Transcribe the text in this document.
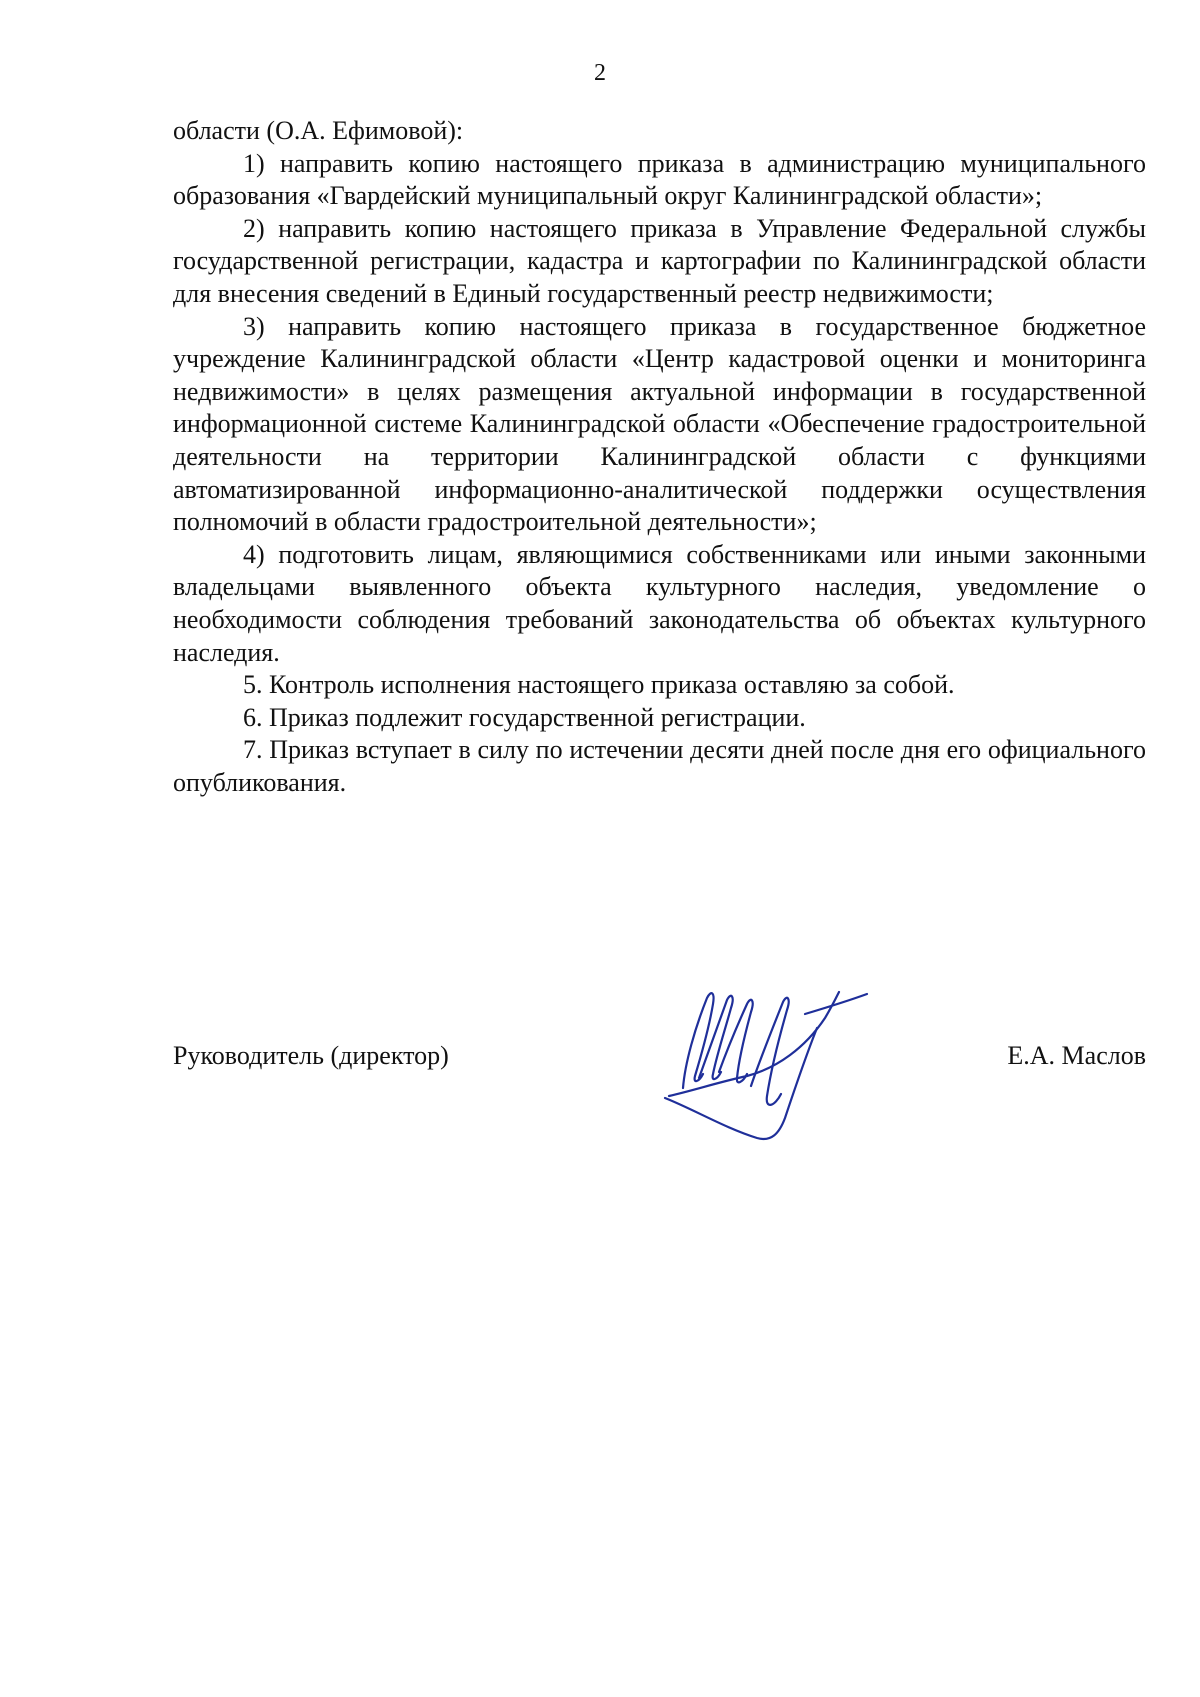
2

области (О.А. Ефимовой):

1) направить копию настоящего приказа в администрацию муниципального образования «Гвардейский муниципальный округ Калининградской области»;

2) направить копию настоящего приказа в Управление Федеральной службы государственной регистрации, кадастра и картографии по Калининградской области для внесения сведений в Единый государственный реестр недвижимости;

3) направить копию настоящего приказа в государственное бюджетное учреждение Калининградской области «Центр кадастровой оценки и мониторинга недвижимости» в целях размещения актуальной информации в государственной информационной системе Калининградской области «Обеспечение градостроительной деятельности на территории Калининградской области с функциями автоматизированной информационно-аналитической поддержки осуществления полномочий в области градостроительной деятельности»;

4) подготовить лицам, являющимися собственниками или иными законными владельцами выявленного объекта культурного наследия, уведомление о необходимости соблюдения требований законодательства об объектах культурного наследия.

5. Контроль исполнения настоящего приказа оставляю за собой.

6. Приказ подлежит государственной регистрации.

7. Приказ вступает в силу по истечении десяти дней после дня его официального опубликования.

Руководитель (директор)	Е.А. Маслов
